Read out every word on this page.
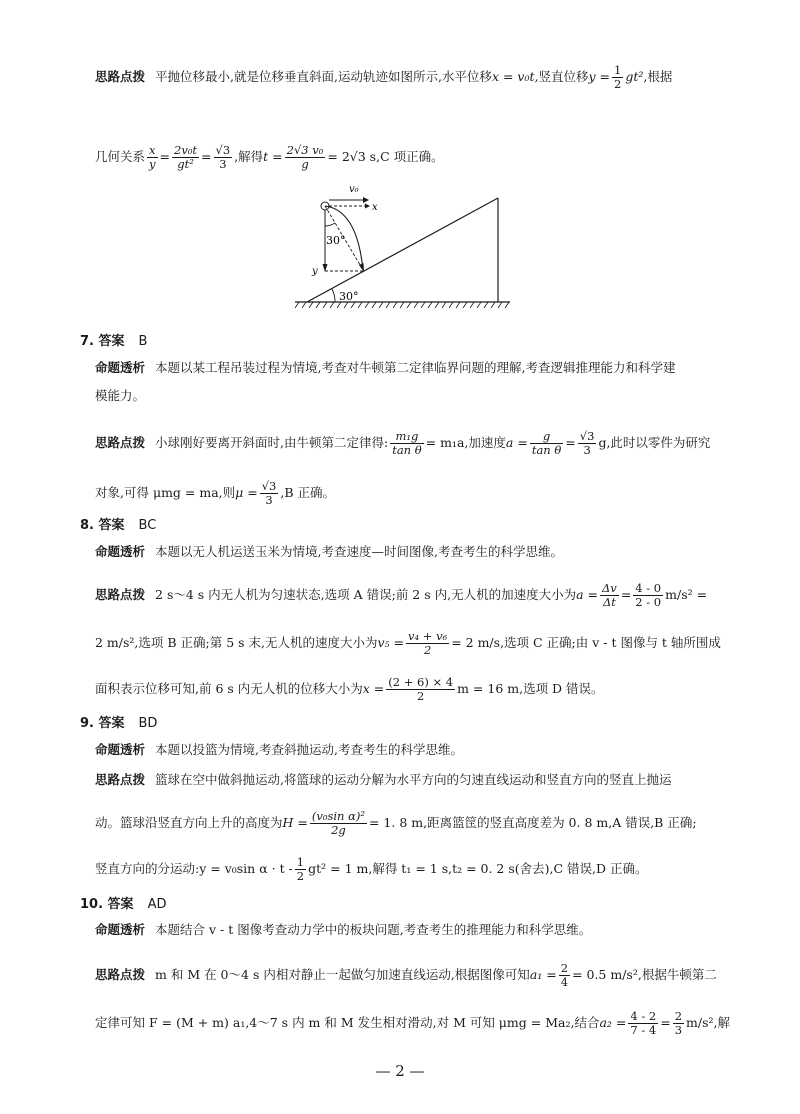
思路点拨 平抛位移最小,就是位移垂直斜面,运动轨迹如图所示,水平位移x = v₀t,竖直位移$y = \frac{1}{2} gt^2$,根据
几何关系 $\frac{x}{y} = \frac{\text{2v₀t}}{\text{gt²}} = \frac{√3}{3}$ ,解得$t = \frac{\text{2√3 v₀}}{g} = 2√3$ s,C 项正确。
30°
v₀
x
y
30°
7. 答案 B
命题透析 本题以某工程吊装过程为情境,考查对牛顿第二定律临界问题的理解,考查逻辑推理能力和科学建
模能力。
思路点拨 小球刚好要离开斜面时,由牛顿第二定律得: $\frac{\text{m₁g}}{\text{tan θ}} = m_1a$,加速度$a = \frac{g}{\text{tan θ}} = \frac{√3}{3} g$,此时以零件为研究
对象,可得 μmg = ma,则$\mu = \frac{√3}{3} ,B$ 正确。
8. 答案 BC
命题透析 本题以无人机运送玉米为情境,考查速度—时间图像,考查考生的科学思维。
思路点拨 2 s～4 s 内无人机为匀速状态,选项 A 错误;前 2 s 内,无人机的加速度大小为$a = \frac{\Delta v}{\Delta t} = \frac{4 - 0}{2 - 0} m/s^2$ =
2 m/s²,选项 B 正确;第 5 s 末,无人机的速度大小为$v_5 = \frac{\text{v₄ + v₆}}{2} = 2$ m/s,选项 C 正确;由 v - t 图像与 t 轴所围成
面积表示位移可知,前 6 s 内无人机的位移大小为$x = \frac{(2 + 6) \times 4}{2}$ m = 16 m,选项 D 错误。
9. 答案 BD
命题透析 本题以投篮为情境,考查斜抛运动,考查考生的科学思维。
思路点拨 篮球在空中做斜抛运动,将篮球的运动分解为水平方向的匀速直线运动和竖直方向的竖直上抛运
动。篮球沿竖直方向上升的高度为$H = \frac{\text{(v₀sin α)²}}{2g} = 1$. 8 m,距离篮筐的竖直高度差为 0. 8 m,A 错误,B 正确;
竖直方向的分运动:y = v₀sin $\alpha \cdot t - \frac{1}{2} gt^2 = 1$ m,解得 t₁ = 1 s,t₂ = 0. 2 s(舍去),C 错误,D 正确。
10. 答案 AD
命题透析 本题结合 v - t 图像考查动力学中的板块问题,考查考生的推理能力和科学思维。
思路点拨 m 和 M 在 0～4 s 内相对静止一起做匀加速直线运动,根据图像可知$a_1 = \frac{2}{4} = 0.5$ m/s²,根据牛顿第二
定律可知 F = (M + m) a₁,4～7 s 内 m 和 M 发生相对滑动,对 M 可知 μmg = Ma₂,结合$a_2 = \frac{4 - 2}{7 - 4} = \frac{2}{3} m/s^2$,解
— 2 —
